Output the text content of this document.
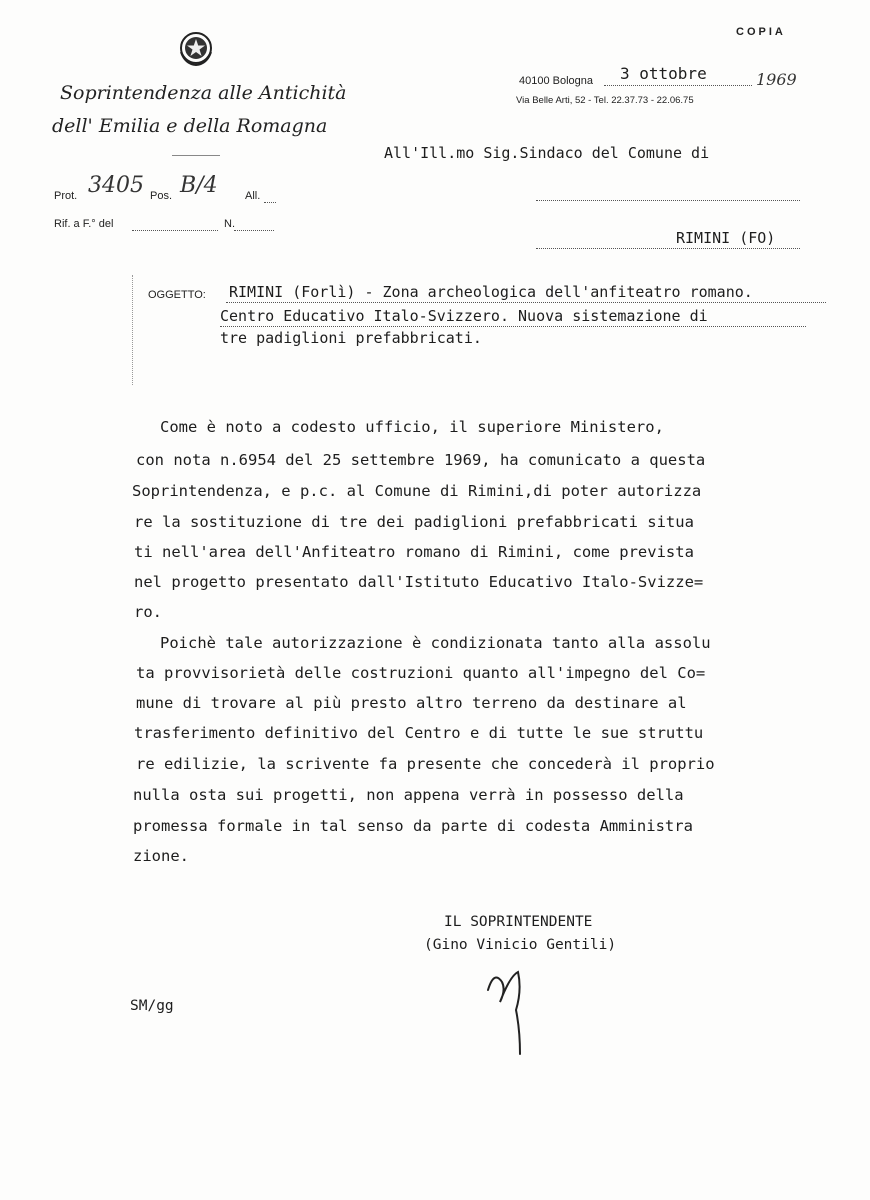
COPIA
Soprintendenza alle Antichità
dell' Emilia e della Romagna
Prot. 3405 Pos. B/4 All.
Rif. a F.° del	N.
40100 Bologna 3 ottobre	1969
Via Belle Arti, 52 - Tel. 22.37.73 - 22.06.75
All'Ill.mo Sig.Sindaco del Comune di
RIMINI (FO)
OGGETTO: RIMINI (Forlì) - Zona archeologica dell'anfiteatro romano.
Centro Educativo Italo-Svizzero. Nuova sistemazione di
tre padiglioni prefabbricati.
Come è noto a codesto ufficio, il superiore Ministero,
con nota n.6954 del 25 settembre 1969, ha comunicato a questa
Soprintendenza, e p.c. al Comune di Rimini,di poter autorizza
re la sostituzione di tre dei padiglioni prefabbricati situa
ti nell'area dell'Anfiteatro romano di Rimini, come prevista
nel progetto presentato dall'Istituto Educativo Italo-Svizze=
ro.
Poichè tale autorizzazione è condizionata tanto alla assolu
ta provvisorietà delle costruzioni quanto all'impegno del Co=
mune di trovare al più presto altro terreno da destinare al
trasferimento definitivo del Centro e di tutte le sue struttu
re edilizie, la scrivente fa presente che concederà il proprio
nulla osta sui progetti, non appena verrà in possesso della
promessa formale in tal senso da parte di codesta Amministra
zione.
IL SOPRINTENDENTE
(Gino Vinicio Gentili)
SM/gg
